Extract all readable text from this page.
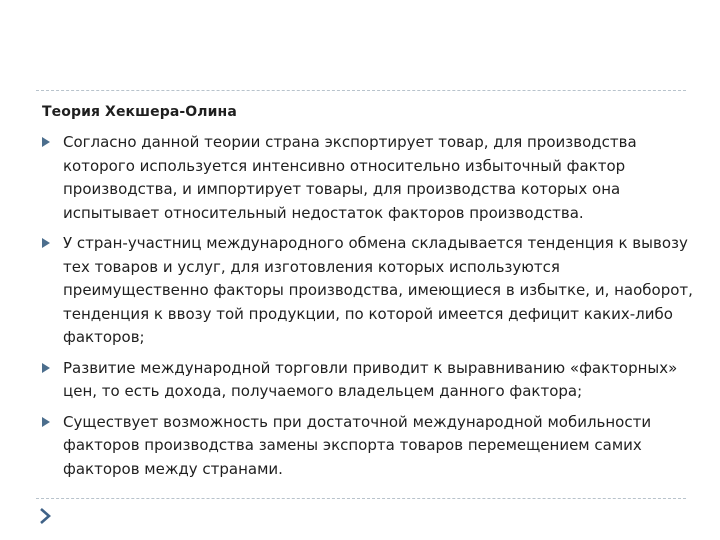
Теория Хекшера-Олина
Согласно данной теории страна экспортирует товар, для производства которого используется интенсивно относительно избыточный фактор производства, и импортирует товары, для производства которых она испытывает относительный недостаток факторов производства.
У стран-участниц международного обмена складывается тенденция к вывозу тех товаров и услуг, для изготовления которых используются преимущественно факторы производства, имеющиеся в избытке, и, наоборот, тенденция к ввозу той продукции, по которой имеется дефицит каких-либо факторов;
Развитие международной торговли приводит к выравниванию «факторных» цен, то есть дохода, получаемого владельцем данного фактора;
Существует возможность при достаточной международной мобильности факторов производства замены экспорта товаров перемещением самих факторов между странами.
